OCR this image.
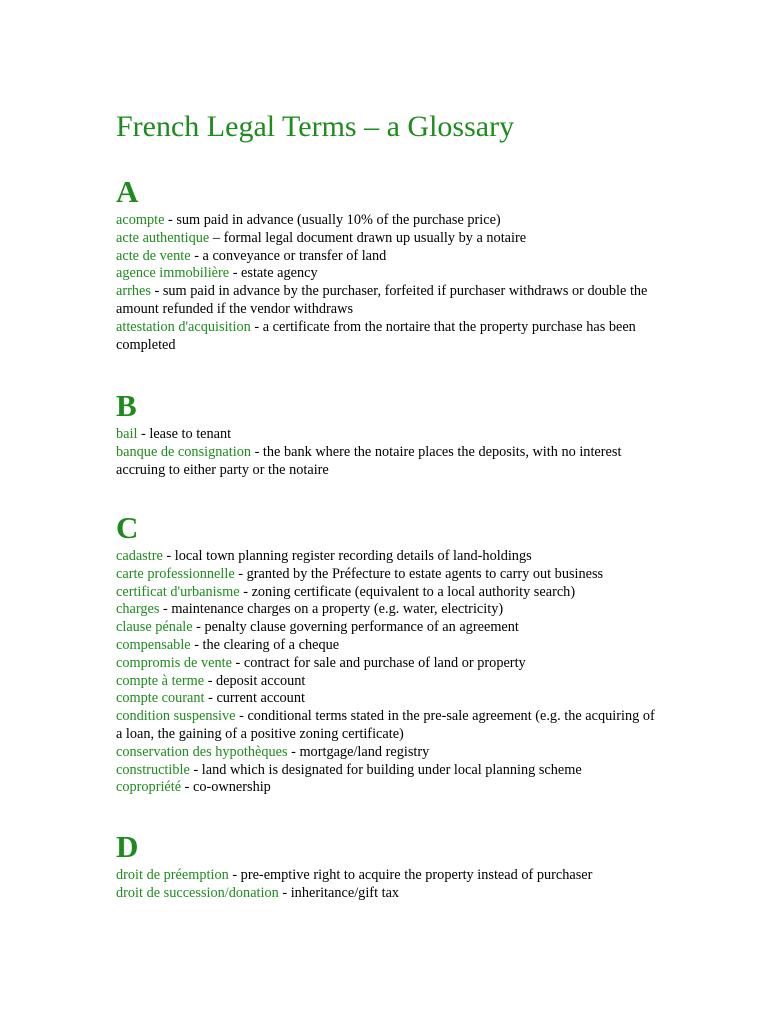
French Legal Terms – a Glossary
A
acompte - sum paid in advance (usually 10% of the purchase price)
acte authentique – formal legal document drawn up usually by a notaire
acte de vente - a conveyance or transfer of land
agence immobilière - estate agency
arrhes - sum paid in advance by the purchaser, forfeited if purchaser withdraws or double the amount refunded if the vendor withdraws
attestation d'acquisition - a certificate from the nortaire that the property purchase has been completed
B
bail - lease to tenant
banque de consignation - the bank where the notaire places the deposits, with no interest accruing to either party or the notaire
C
cadastre - local town planning register recording details of land-holdings
carte professionnelle - granted by the Préfecture to estate agents to carry out business
certificat d'urbanisme - zoning certificate (equivalent to a local authority search)
charges - maintenance charges on a property (e.g. water, electricity)
clause pénale - penalty clause governing performance of an agreement
compensable - the clearing of a cheque
compromis de vente - contract for sale and purchase of land or property
compte à terme - deposit account
compte courant - current account
condition suspensive - conditional terms stated in the pre-sale agreement (e.g. the acquiring of a loan, the gaining of a positive zoning certificate)
conservation des hypothèques - mortgage/land registry
constructible - land which is designated for building under local planning scheme
copropriété - co-ownership
D
droit de préemption - pre-emptive right to acquire the property instead of purchaser
droit de succession/donation - inheritance/gift tax
